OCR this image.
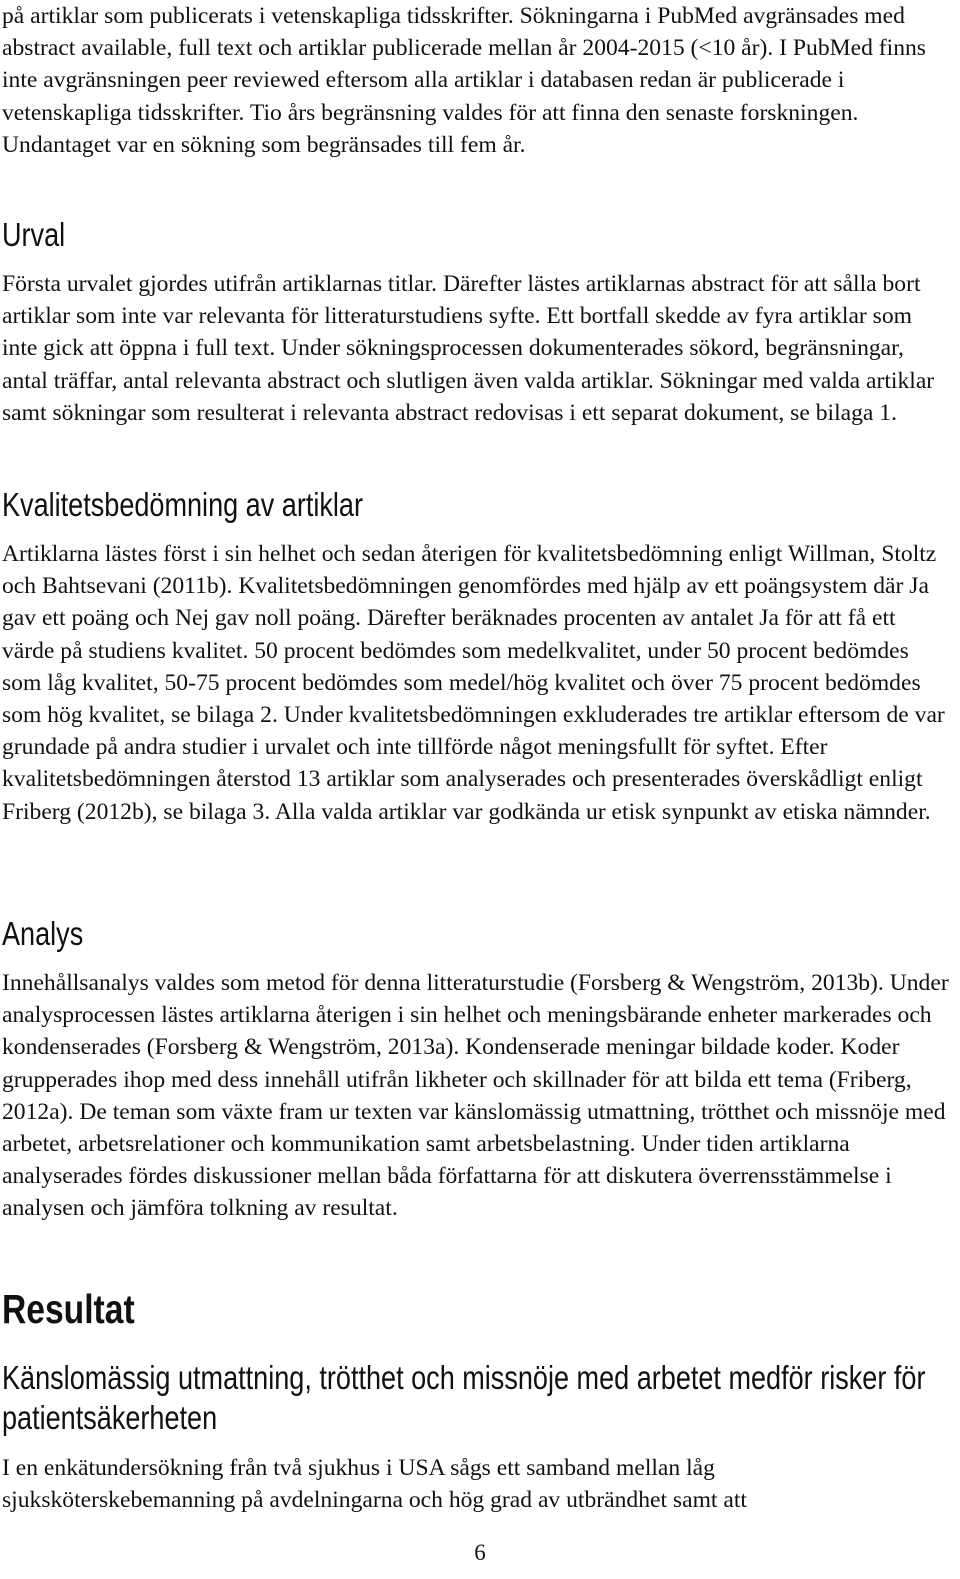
på artiklar som publicerats i vetenskapliga tidsskrifter. Sökningarna i PubMed avgränsades med abstract available, full text och artiklar publicerade mellan år 2004-2015 (<10 år). I PubMed finns inte avgränsningen peer reviewed eftersom alla artiklar i databasen redan är publicerade i vetenskapliga tidsskrifter. Tio års begränsning valdes för att finna den senaste forskningen. Undantaget var en sökning som begränsades till fem år.

Urval

Första urvalet gjordes utifrån artiklarnas titlar. Därefter lästes artiklarnas abstract för att sålla bort artiklar som inte var relevanta för litteraturstudiens syfte. Ett bortfall skedde av fyra artiklar som inte gick att öppna i full text. Under sökningsprocessen dokumenterades sökord, begränsningar, antal träffar, antal relevanta abstract och slutligen även valda artiklar. Sökningar med valda artiklar samt sökningar som resulterat i relevanta abstract redovisas i ett separat dokument, se bilaga 1.

Kvalitetsbedömning av artiklar

Artiklarna lästes först i sin helhet och sedan återigen för kvalitetsbedömning enligt Willman, Stoltz och Bahtsevani (2011b). Kvalitetsbedömningen genomfördes med hjälp av ett poängsystem där Ja gav ett poäng och Nej gav noll poäng. Därefter beräknades procenten av antalet Ja för att få ett värde på studiens kvalitet. 50 procent bedömdes som medelkvalitet, under 50 procent bedömdes som låg kvalitet, 50-75 procent bedömdes som medel/hög kvalitet och över 75 procent bedömdes som hög kvalitet, se bilaga 2. Under kvalitetsbedömningen exkluderades tre artiklar eftersom de var grundade på andra studier i urvalet och inte tillförde något meningsfullt för syftet. Efter kvalitetsbedömningen återstod 13 artiklar som analyserades och presenterades överskådligt enligt Friberg (2012b), se bilaga 3. Alla valda artiklar var godkända ur etisk synpunkt av etiska nämnder.

Analys

Innehållsanalys valdes som metod för denna litteraturstudie (Forsberg & Wengström, 2013b). Under analysprocessen lästes artiklarna återigen i sin helhet och meningsbärande enheter markerades och kondenserades (Forsberg & Wengström, 2013a). Kondenserade meningar bildade koder. Koder grupperades ihop med dess innehåll utifrån likheter och skillnader för att bilda ett tema (Friberg, 2012a). De teman som växte fram ur texten var känslomässig utmattning, trötthet och missnöje med arbetet, arbetsrelationer och kommunikation samt arbetsbelastning. Under tiden artiklarna analyserades fördes diskussioner mellan båda författarna för att diskutera överrensstämmelse i analysen och jämföra tolkning av resultat.

Resultat
Känslomässig utmattning, trötthet och missnöje med arbetet medför risker för patientsäkerheten

I en enkätundersökning från två sjukhus i USA sågs ett samband mellan låg sjuksköterskebemanning på avdelningarna och hög grad av utbrändhet samt att

6
